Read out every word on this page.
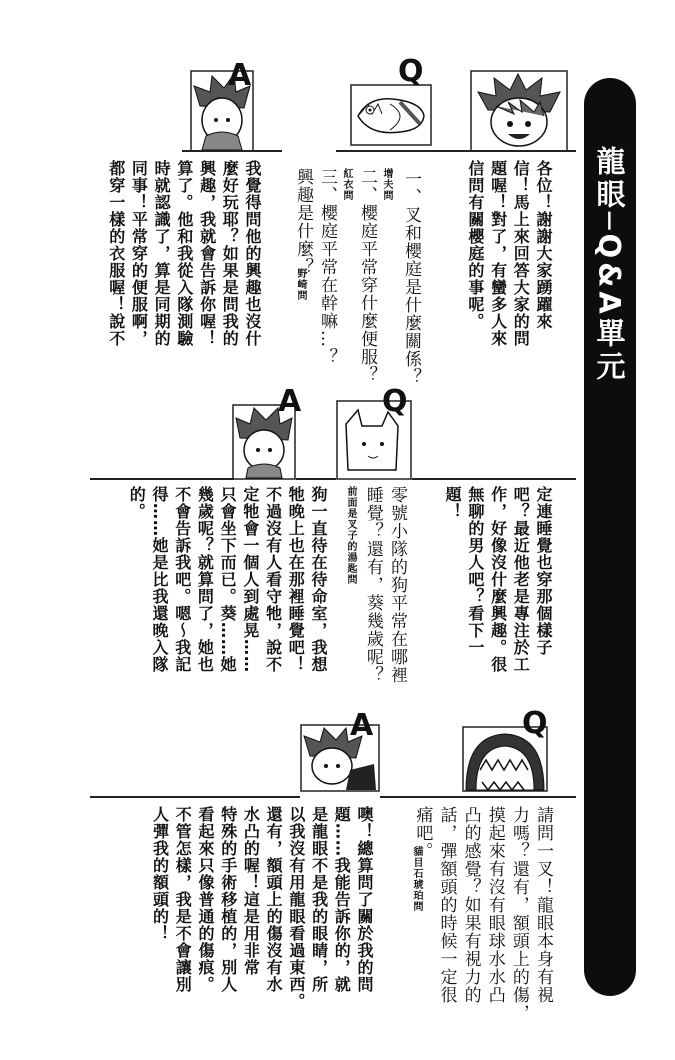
龍眼─Q&A單元
各位！謝謝大家踴躍來
信！馬上來回答大家的問
題喔！對了，有蠻多人來
信問有關櫻庭的事呢。
Q
A
一、叉和櫻庭是什麼關係？
增夫問
二、櫻庭平常穿什麼便服？
紅衣問
三、櫻庭平常在幹嘛…？
興趣是什麼？
野崎問
我覺得問他的興趣也沒什
麼好玩耶？如果是問我的
興趣，我就會告訴你喔！
算了。他和我從入隊測驗
時就認識了，算是同期的
同事！平常穿的便服啊，
都穿一樣的衣服喔！說不
Q
A
定連睡覺也穿那個樣子
吧？最近他老是專注於工
作，好像沒什麼興趣。很
無聊的男人吧？看下一
題！
零號小隊的狗平常在哪裡
睡覺？還有，葵幾歲呢？
前面是叉子的湯匙問
狗一直待在待命室，我想
牠晚上也在那裡睡覺吧！
不過沒有人看守牠，說不
定牠會一個人到處晃……
只會坐下而已。葵……她
幾歲呢？就算問了，她也
不會告訴我吧。嗯～我記
得……她是比我還晚入隊
的。
Q
A
請問一叉！龍眼本身有視
力嗎？還有，額頭上的傷，
摸起來有沒有眼球水水凸
凸的感覺？如果有視力的
話，彈額頭的時候一定很
痛吧。
貓目石琥珀問
噢！總算問了關於我的問
題……我能告訴你的，就
是龍眼不是我的眼睛，所
以我沒有用龍眼看過東西。
還有，額頭上的傷沒有水
水凸的喔！這是用非常
特殊的手術移植的，別人
看起來只像普通的傷痕。
不管怎樣，我是不會讓別
人彈我的額頭的！
